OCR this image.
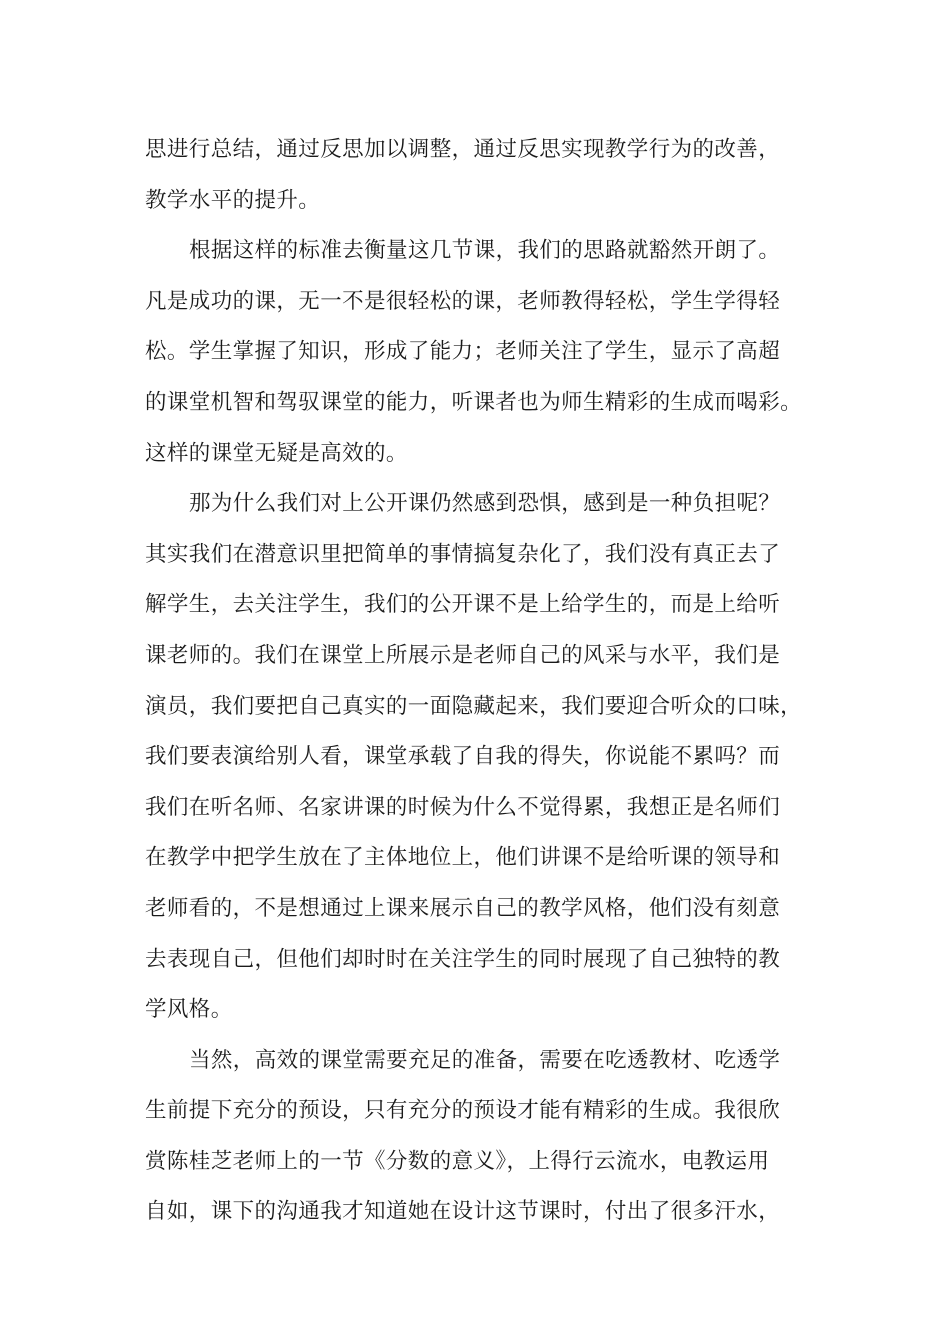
思进行总结，通过反思加以调整，通过反思实现教学行为的改善，
教学水平的提升。
根据这样的标准去衡量这几节课，我们的思路就豁然开朗了。
凡是成功的课，无一不是很轻松的课，老师教得轻松，学生学得轻
松。学生掌握了知识，形成了能力；老师关注了学生，显示了高超
的课堂机智和驾驭课堂的能力，听课者也为师生精彩的生成而喝彩。
这样的课堂无疑是高效的。
那为什么我们对上公开课仍然感到恐惧，感到是一种负担呢？
其实我们在潜意识里把简单的事情搞复杂化了，我们没有真正去了
解学生，去关注学生，我们的公开课不是上给学生的，而是上给听
课老师的。我们在课堂上所展示是老师自己的风采与水平，我们是
演员，我们要把自己真实的一面隐藏起来，我们要迎合听众的口味，
我们要表演给别人看，课堂承载了自我的得失，你说能不累吗？而
我们在听名师、名家讲课的时候为什么不觉得累，我想正是名师们
在教学中把学生放在了主体地位上，他们讲课不是给听课的领导和
老师看的，不是想通过上课来展示自己的教学风格，他们没有刻意
去表现自己，但他们却时时在关注学生的同时展现了自己独特的教
学风格。
当然，高效的课堂需要充足的准备，需要在吃透教材、吃透学
生前提下充分的预设，只有充分的预设才能有精彩的生成。我很欣
赏陈桂芝老师上的一节《分数的意义》，上得行云流水，电教运用
自如，课下的沟通我才知道她在设计这节课时，付出了很多汗水，
